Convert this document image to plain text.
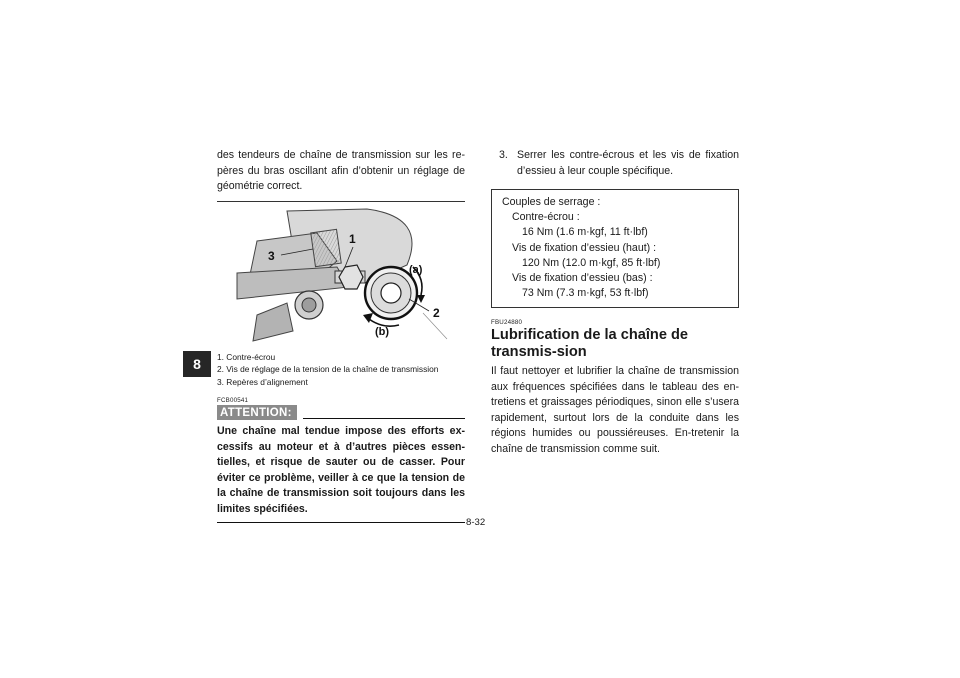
8

des tendeurs de chaîne de transmission sur les re-pères du bras oscillant afin d’obtenir un réglage de géométrie correct.

3
1
(a)
2
(b)
1. Contre-écrou
2. Vis de réglage de la tension de la chaîne de transmission
3. Repères d’alignement
FCB00541
ATTENTION:

Une chaîne mal tendue impose des efforts ex-cessifs au moteur et à d’autres pièces essen-tielles, et risque de sauter ou de casser. Pour éviter ce problème, veiller à ce que la tension de la chaîne de transmission soit toujours dans les limites spécifiées.

3. Serrer les contre-écrous et les vis de fixation d’essieu à leur couple spécifique.
Couples de serrage :
Contre-écrou :
16 Nm (1.6 m·kgf, 11 ft·lbf)
Vis de fixation d’essieu (haut) :
120 Nm (12.0 m·kgf, 85 ft·lbf)
Vis de fixation d’essieu (bas) :
73 Nm (7.3 m·kgf, 53 ft·lbf)
FBU24880
Lubrification de la chaîne de transmis-sion

Il faut nettoyer et lubrifier la chaîne de transmission aux fréquences spécifiées dans le tableau des en-tretiens et graissages périodiques, sinon elle s’usera rapidement, surtout lors de la conduite dans les régions humides ou poussiéreuses. En-tretenir la chaîne de transmission comme suit.

8-32
